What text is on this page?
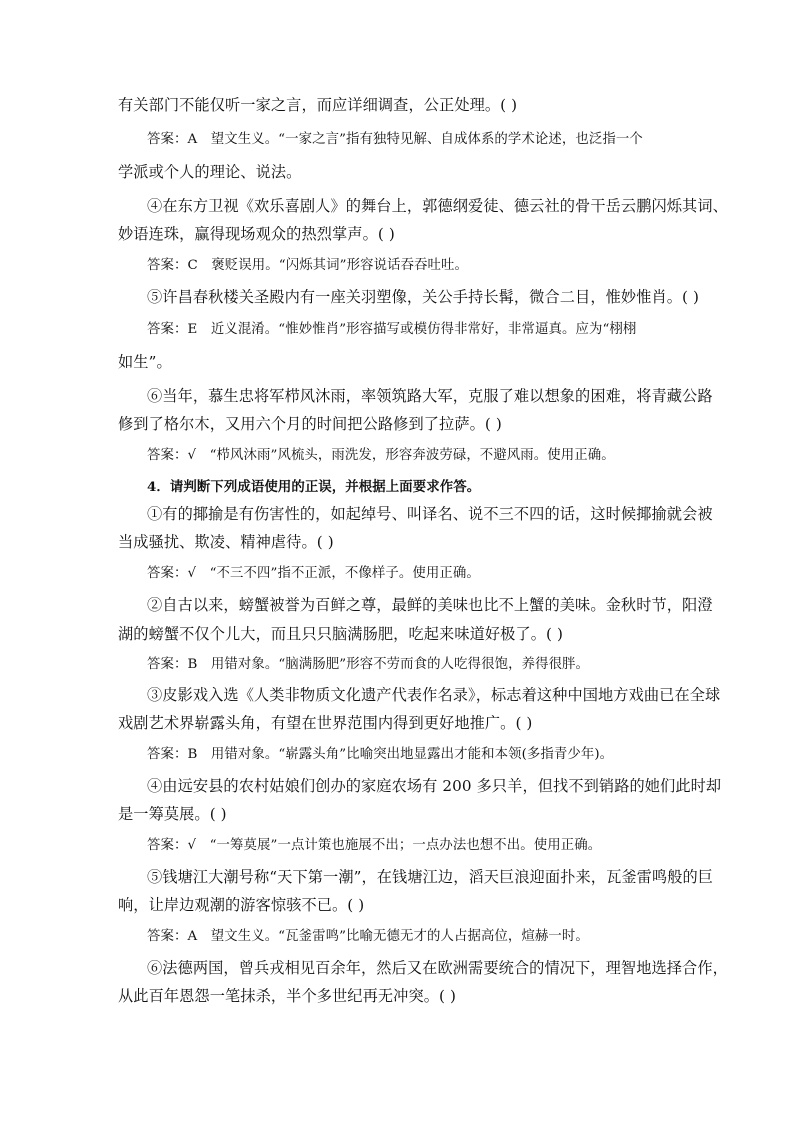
有关部门不能仅听一家之言，而应详细调查，公正处理。( )
答案：A　望文生义。“一家之言”指有独特见解、自成体系的学术论述，也泛指一个
学派或个人的理论、说法。
④在东方卫视《欢乐喜剧人》的舞台上，郭德纲爱徒、德云社的骨干岳云鹏闪烁其词、
妙语连珠，赢得现场观众的热烈掌声。( )
答案：C　褒贬误用。“闪烁其词”形容说话吞吞吐吐。
⑤许昌春秋楼关圣殿内有一座关羽塑像，关公手持长髯，微合二目，惟妙惟肖。( )
答案：E　近义混淆。“惟妙惟肖”形容描写或模仿得非常好，非常逼真。应为“栩栩
如生”。
⑥当年，慕生忠将军栉风沐雨，率领筑路大军，克服了难以想象的困难，将青藏公路
修到了格尔木，又用六个月的时间把公路修到了拉萨。( )
答案：√　“栉风沐雨”风梳头，雨洗发，形容奔波劳碌，不避风雨。使用正确。
4．请判断下列成语使用的正误，并根据上面要求作答。
①有的揶揄是有伤害性的，如起绰号、叫译名、说不三不四的话，这时候揶揄就会被
当成骚扰、欺凌、精神虐待。( )
答案：√　“不三不四”指不正派，不像样子。使用正确。
②自古以来，螃蟹被誉为百鲜之尊，最鲜的美味也比不上蟹的美味。金秋时节，阳澄
湖的螃蟹不仅个儿大，而且只只脑满肠肥，吃起来味道好极了。( )
答案：B　用错对象。“脑满肠肥”形容不劳而食的人吃得很饱，养得很胖。
③皮影戏入选《人类非物质文化遗产代表作名录》，标志着这种中国地方戏曲已在全球
戏剧艺术界崭露头角，有望在世界范围内得到更好地推广。( )
答案：B　用错对象。“崭露头角”比喻突出地显露出才能和本领(多指青少年)。
④由远安县的农村姑娘们创办的家庭农场有 200 多只羊，但找不到销路的她们此时却
是一筹莫展。( )
答案：√　“一筹莫展”一点计策也施展不出；一点办法也想不出。使用正确。
⑤钱塘江大潮号称“天下第一潮”，在钱塘江边，滔天巨浪迎面扑来，瓦釜雷鸣般的巨
响，让岸边观潮的游客惊骇不已。( )
答案：A　望文生义。“瓦釜雷鸣”比喻无德无才的人占据高位，煊赫一时。
⑥法德两国，曾兵戎相见百余年，然后又在欧洲需要统合的情况下，理智地选择合作，
从此百年恩怨一笔抹杀，半个多世纪再无冲突。( )
